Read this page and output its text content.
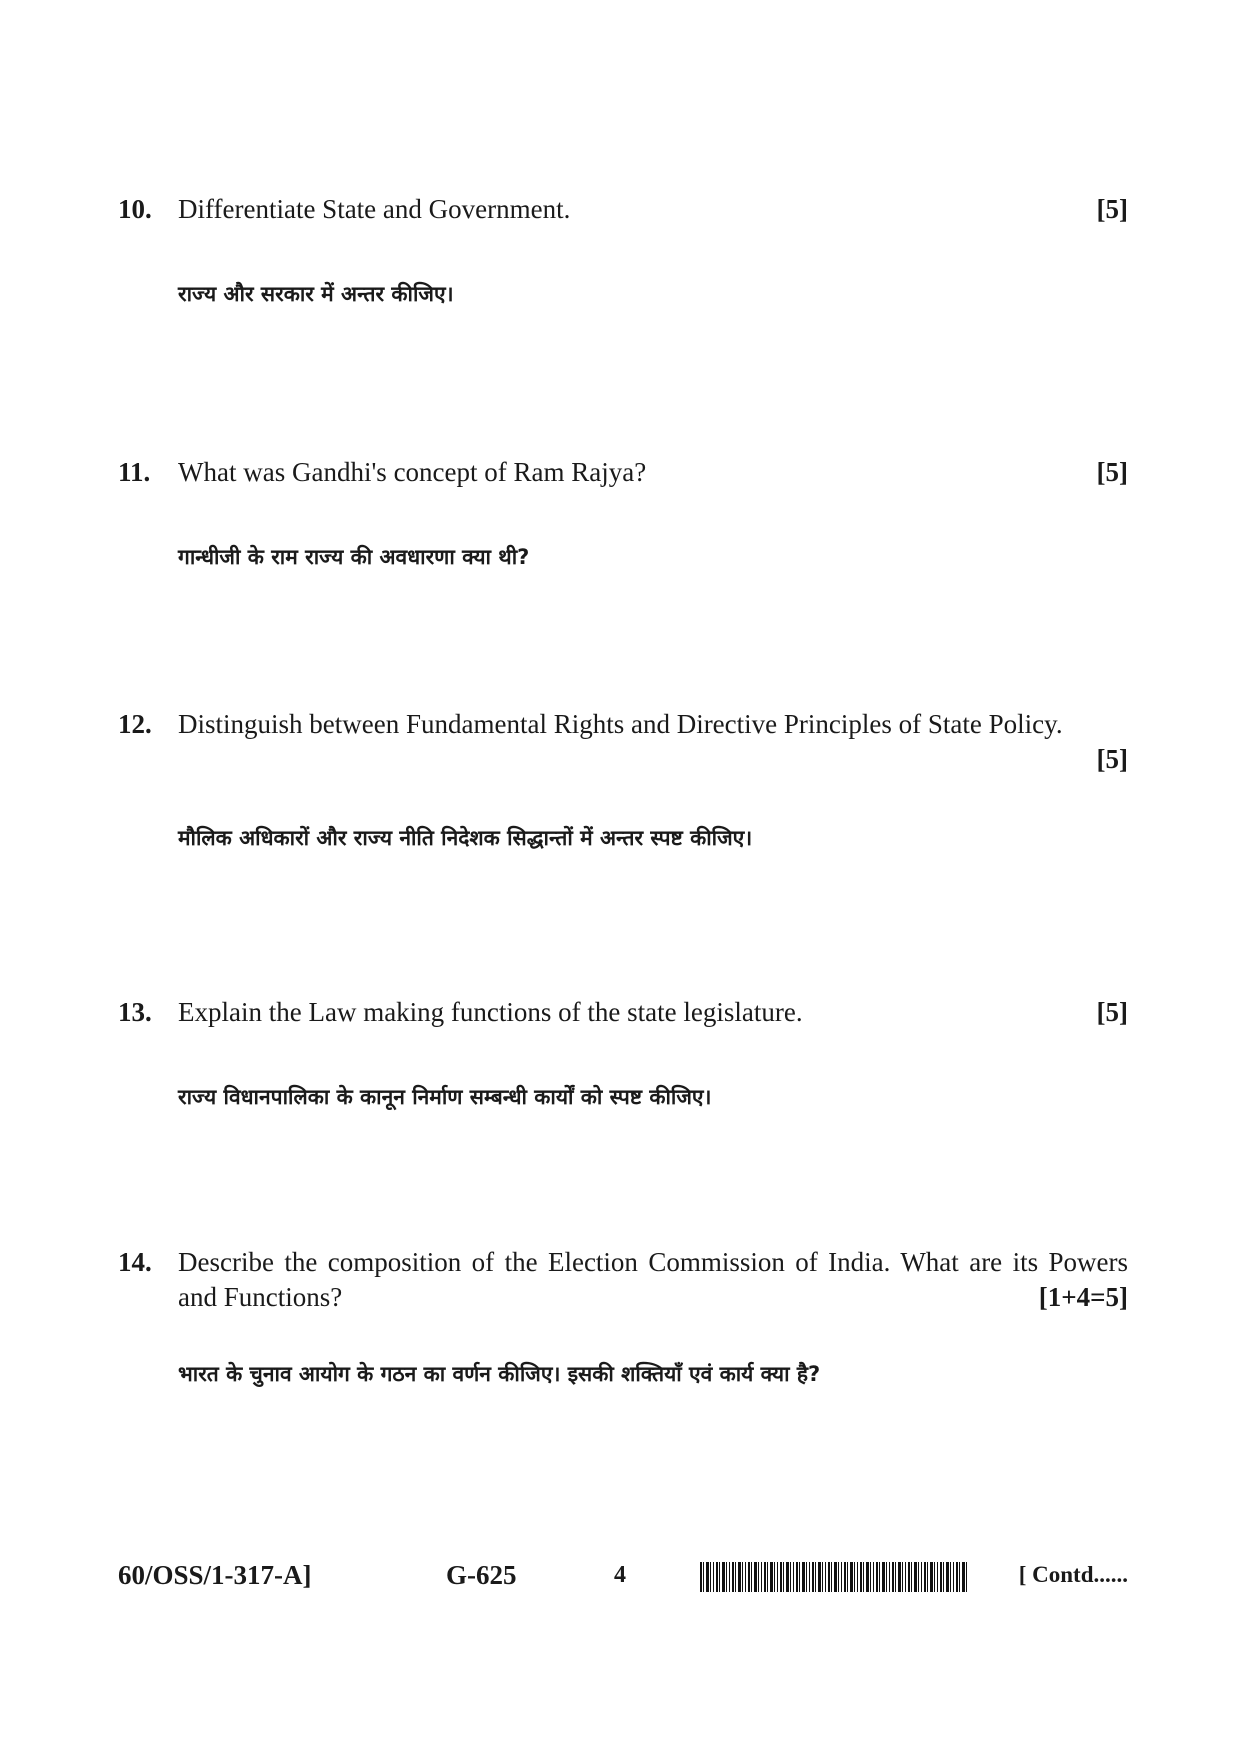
10. Differentiate State and Government.	[5]
राज्य और सरकार में अन्तर कीजिए।
11. What was Gandhi's concept of Ram Rajya?	[5]
गान्धीजी के राम राज्य की अवधारणा क्या थी?
12. Distinguish between Fundamental Rights and Directive Principles of State Policy.
[5]
मौलिक अधिकारों और राज्य नीति निदेशक सिद्धान्तों में अन्तर स्पष्ट कीजिए।
13. Explain the Law making functions of the state legislature.	[5]
राज्य विधानपालिका के कानून निर्माण सम्बन्धी कार्यों को स्पष्ट कीजिए।
14. Describe the composition of the Election Commission of India. What are its Powers and Functions?	[1+4=5]
भारत के चुनाव आयोग के गठन का वर्णन कीजिए। इसकी शक्तियाँ एवं कार्य क्या है?
60/OSS/1-317-A]	G-625	4	[ Contd......
